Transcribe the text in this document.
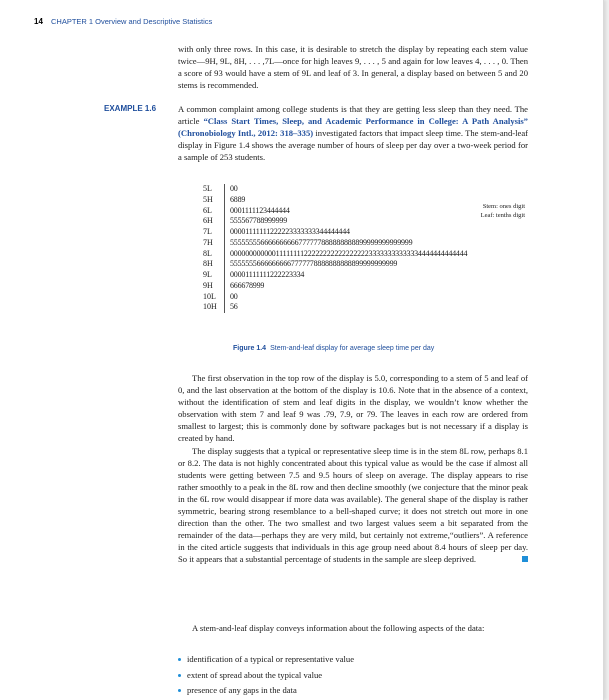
14 CHAPTER 1 Overview and Descriptive Statistics
with only three rows. In this case, it is desirable to stretch the display by repeating each stem value twice—9H, 9L, 8H, . . . ,7L—once for high leaves 9, . . . , 5 and again for low leaves 4, . . . , 0. Then a score of 93 would have a stem of 9L and leaf of 3. In general, a display based on between 5 and 20 stems is recommended.
EXAMPLE 1.6	A common complaint among college students is that they are getting less sleep than they need. The article “Class Start Times, Sleep, and Academic Performance in College: A Path Analysis” (Chronobiology Intl., 2012: 318–335) investigated factors that impact sleep time. The stem-and-leaf display in Figure 1.4 shows the average number of hours of sleep per day over a two-week period for a sample of 253 students.
5L	00
5H	6889
6L	0001111123444444
6H	555567788999999
7L	00001111111222223333333344444444
7H	555555556666666666777777888888888899999999999999
8L	000000000000111111112222222222222222233333333333334444444444444
8H	55555556666666667777778888888888899999999999
9L	00001111111222223334
9H	666678999
10L	00
10H	56
Stem: ones digit
Leaf: tenths digit
Figure 1.4 Stem-and-leaf display for average sleep time per day

The first observation in the top row of the display is 5.0, corresponding to a stem of 5 and leaf of 0, and the last observation at the bottom of the display is 10.6. Note that in the absence of a context, without the identification of stem and leaf digits in the display, we wouldn’t know whether the observation with stem 7 and leaf 9 was .79, 7.9, or 79. The leaves in each row are ordered from smallest to largest; this is commonly done by software packages but is not necessary if a display is created by hand.

The display suggests that a typical or representative sleep time is in the stem 8L row, perhaps 8.1 or 8.2. The data is not highly concentrated about this typical value as would be the case if almost all students were getting between 7.5 and 9.5 hours of sleep on average. The display appears to rise rather smoothly to a peak in the 8L row and then decline smoothly (we conjecture that the minor peak in the 6L row would disappear if more data was available). The general shape of the display is rather symmetric, bearing strong resemblance to a bell-shaped curve; it does not stretch out more in one direction than the other. The two smallest and two largest values seem a bit separated from the remainder of the data—perhaps they are very mild, but certainly not extreme,“outliers”. A reference in the cited article suggests that individuals in this age group need about 8.4 hours of sleep per day. So it appears that a substantial percentage of students in the sample are sleep deprived.

A stem-and-leaf display conveys information about the following aspects of the data:

identification of a typical or representative value
extent of spread about the typical value
presence of any gaps in the data
